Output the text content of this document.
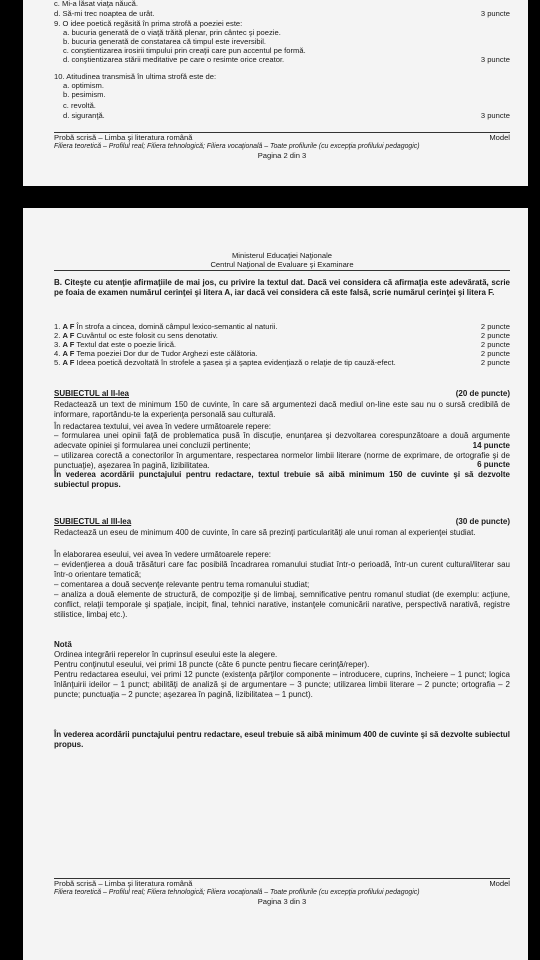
c. Mi-a lăsat viaţa năucă.
d. Să-mi trec noaptea de urât.	3 puncte
9. O idee poetică regăsită în prima strofă a poeziei este:
a. bucuria generată de o viaţă trăită plenar, prin cântec şi poezie.
b. bucuria generată de constatarea că timpul este ireversibil.
c. conştientizarea irosirii timpului prin creaţii care pun accentul pe formă.
d. conştientizarea stării meditative pe care o resimte orice creator.	3 puncte
10. Atitudinea transmisă în ultima strofă este de:
a. optimism.
b. pesimism.
c. revoltă.
d. siguranţă.	3 puncte
Probă scrisă – Limba şi literatura română	Model
Filiera teoretică – Profilul real; Filiera tehnologică; Filiera vocaţională – Toate profilurile (cu excepţia profilului pedagogic)
Pagina 2 din 3
Ministerul Educaţiei Naţionale
Centrul Naţional de Evaluare şi Examinare
B. Citeşte cu atenţie afirmaţiile de mai jos, cu privire la textul dat. Dacă vei considera că afirmaţia este adevărată, scrie pe foaia de examen numărul cerinţei şi litera A, iar dacă vei considera că este falsă, scrie numărul cerinţei şi litera F.
1. A F În strofa a cincea, domină câmpul lexico-semantic al naturii.	2 puncte
2. A F Cuvântul oc este folosit cu sens denotativ.	2 puncte
3. A F Textul dat este o poezie lirică.	2 puncte
4. A F Tema poeziei Dor dur de Tudor Arghezi este călătoria.	2 puncte
5. A F Ideea poetică dezvoltată în strofele a şasea şi a şaptea evidenţiază o relaţie de tip cauză-efect.	2 puncte
SUBIECTUL al II-lea	(20 de puncte)
Redactează un text de minimum 150 de cuvinte, în care să argumentezi dacă mediul on-line este sau nu o sursă credibilă de informare, raportându-te la experienţa personală sau culturală.
În redactarea textului, vei avea în vedere următoarele repere:
– formularea unei opinii faţă de problematica pusă în discuţie, enunţarea şi dezvoltarea corespunzătoare a două argumente adecvate opiniei şi formularea unei concluzii pertinente;	14 puncte
– utilizarea corectă a conectorilor în argumentare, respectarea normelor limbii literare (norme de exprimare, de ortografie şi de punctuaţie), aşezarea în pagină, lizibilitatea.	6 puncte
În vederea acordării punctajului pentru redactare, textul trebuie să aibă minimum 150 de cuvinte şi să dezvolte subiectul propus.
SUBIECTUL al III-lea	(30 de puncte)
Redactează un eseu de minimum 400 de cuvinte, în care să prezinţi particularităţi ale unui roman al experienţei studiat.
În elaborarea eseului, vei avea în vedere următoarele repere:
– evidenţierea a două trăsături care fac posibilă încadrarea romanului studiat într-o perioadă, într-un curent cultural/literar sau într-o orientare tematică;
– comentarea a două secvenţe relevante pentru tema romanului studiat;
– analiza a două elemente de structură, de compoziţie şi de limbaj, semnificative pentru romanul studiat (de exemplu: acţiune, conflict, relaţii temporale şi spaţiale, incipit, final, tehnici narative, instanţele comunicării narative, perspectivă narativă, registre stilistice, limbaj etc.).
Notă
Ordinea integrării reperelor în cuprinsul eseului este la alegere.
Pentru conţinutul eseului, vei primi 18 puncte (câte 6 puncte pentru fiecare cerinţă/reper).
Pentru redactarea eseului, vei primi 12 puncte (existenţa părţilor componente – introducere, cuprins, încheiere – 1 punct; logica înlănţuirii ideilor – 1 punct; abilităţi de analiză şi de argumentare – 3 puncte; utilizarea limbii literare – 2 puncte; ortografia – 2 puncte; punctuaţia – 2 puncte; aşezarea în pagină, lizibilitatea – 1 punct).
În vederea acordării punctajului pentru redactare, eseul trebuie să aibă minimum 400 de cuvinte şi să dezvolte subiectul propus.
Probă scrisă – Limba şi literatura română	Model
Filiera teoretică – Profilul real; Filiera tehnologică; Filiera vocaţională – Toate profilurile (cu excepţia profilului pedagogic)
Pagina 3 din 3
